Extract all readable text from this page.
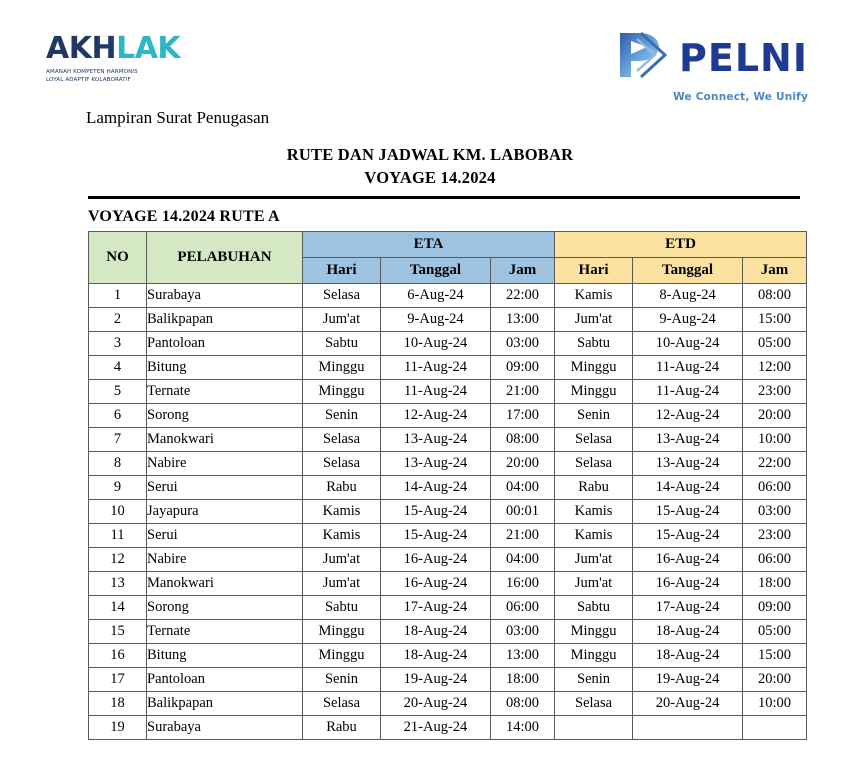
AKHLAK
AMANAH KOMPETEN HARMONIS
LOYAL ADAPTIF KOLABORATIF
PELNI
We Connect, We Unify
Lampiran Surat Penugasan
RUTE DAN JADWAL KM. LABOBAR
VOYAGE 14.2024
VOYAGE 14.2024 RUTE A
NO	PELABUHAN	ETA			ETD		
		Hari	Tanggal	Jam	Hari	Tanggal	Jam
1	Surabaya	Selasa	6-Aug-24	22:00	Kamis	8-Aug-24	08:00
2	Balikpapan	Jum'at	9-Aug-24	13:00	Jum'at	9-Aug-24	15:00
3	Pantoloan	Sabtu	10-Aug-24	03:00	Sabtu	10-Aug-24	05:00
4	Bitung	Minggu	11-Aug-24	09:00	Minggu	11-Aug-24	12:00
5	Ternate	Minggu	11-Aug-24	21:00	Minggu	11-Aug-24	23:00
6	Sorong	Senin	12-Aug-24	17:00	Senin	12-Aug-24	20:00
7	Manokwari	Selasa	13-Aug-24	08:00	Selasa	13-Aug-24	10:00
8	Nabire	Selasa	13-Aug-24	20:00	Selasa	13-Aug-24	22:00
9	Serui	Rabu	14-Aug-24	04:00	Rabu	14-Aug-24	06:00
10	Jayapura	Kamis	15-Aug-24	00:01	Kamis	15-Aug-24	03:00
11	Serui	Kamis	15-Aug-24	21:00	Kamis	15-Aug-24	23:00
12	Nabire	Jum'at	16-Aug-24	04:00	Jum'at	16-Aug-24	06:00
13	Manokwari	Jum'at	16-Aug-24	16:00	Jum'at	16-Aug-24	18:00
14	Sorong	Sabtu	17-Aug-24	06:00	Sabtu	17-Aug-24	09:00
15	Ternate	Minggu	18-Aug-24	03:00	Minggu	18-Aug-24	05:00
16	Bitung	Minggu	18-Aug-24	13:00	Minggu	18-Aug-24	15:00
17	Pantoloan	Senin	19-Aug-24	18:00	Senin	19-Aug-24	20:00
18	Balikpapan	Selasa	20-Aug-24	08:00	Selasa	20-Aug-24	10:00
19	Surabaya	Rabu	21-Aug-24	14:00			
